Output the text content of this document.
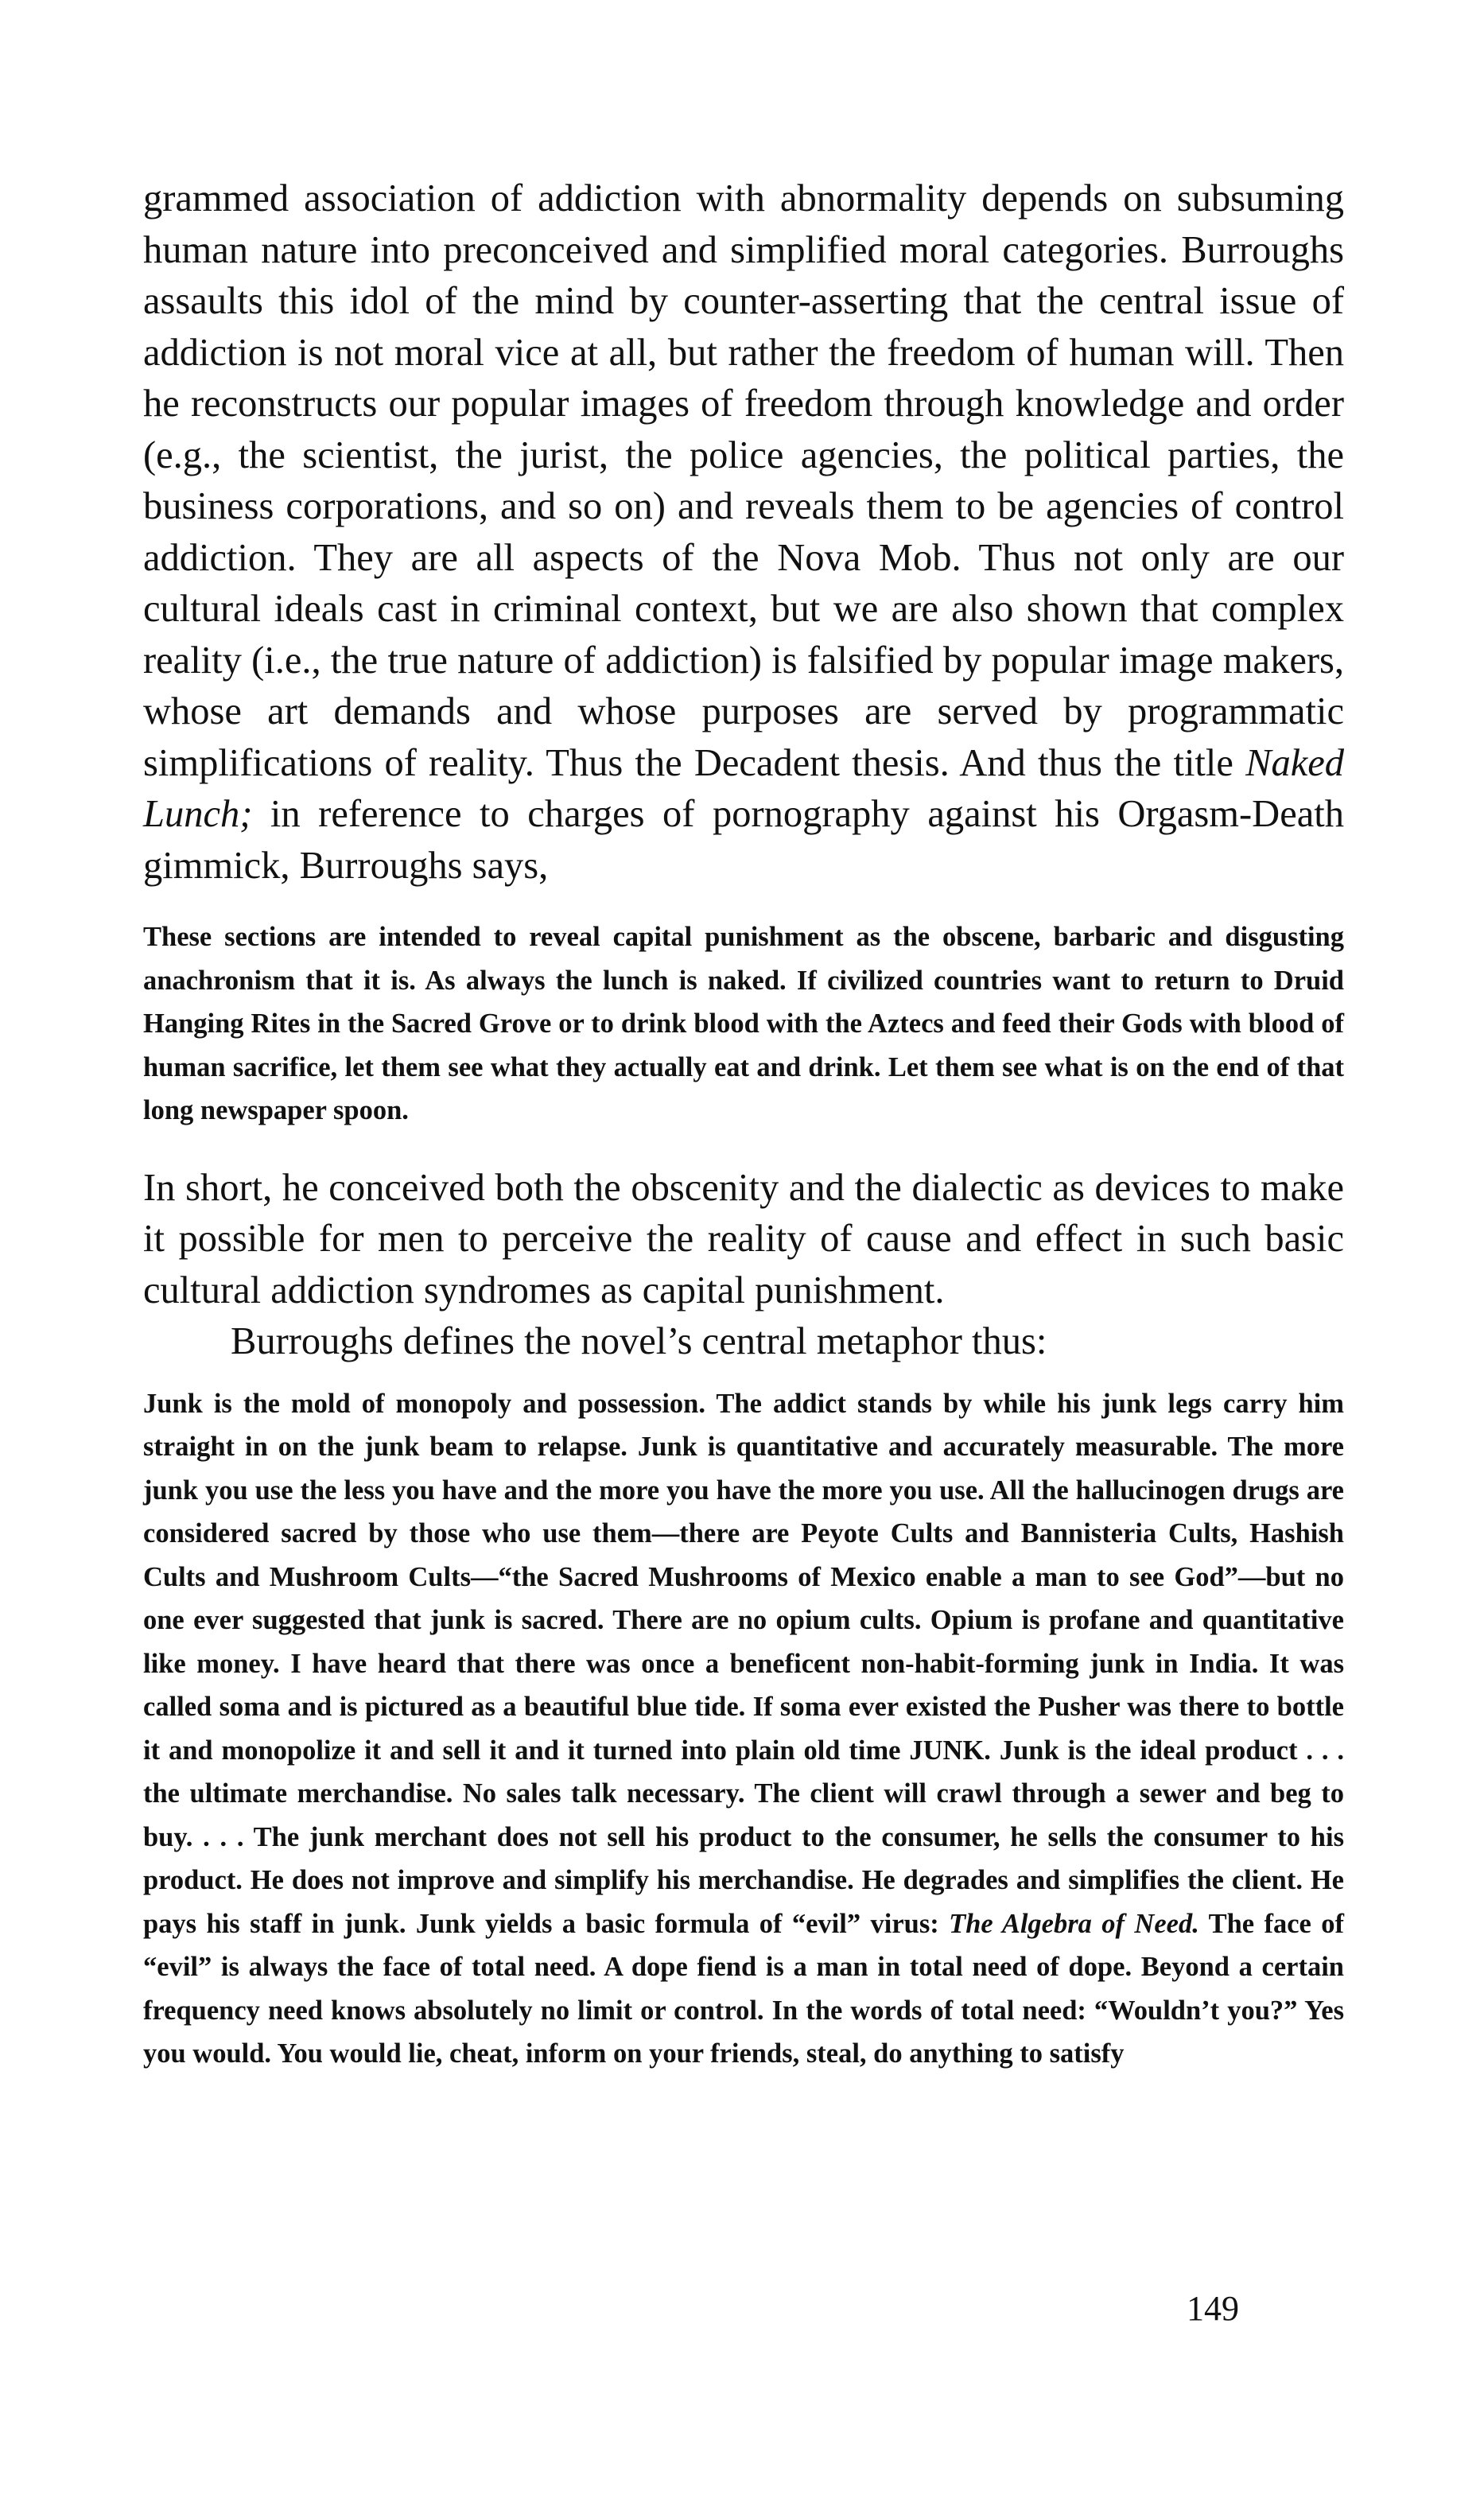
grammed association of addiction with abnormality depends on subsuming human nature into preconceived and simplified moral categories. Burroughs assaults this idol of the mind by counter-asserting that the central issue of addiction is not moral vice at all, but rather the freedom of human will. Then he reconstructs our popular images of freedom through knowledge and order (e.g., the scientist, the jurist, the police agencies, the political parties, the business corporations, and so on) and reveals them to be agencies of control addiction. They are all aspects of the Nova Mob. Thus not only are our cultural ideals cast in criminal context, but we are also shown that complex reality (i.e., the true nature of addiction) is falsified by popular image makers, whose art demands and whose purposes are served by programmatic simplifications of reality. Thus the Decadent thesis. And thus the title Naked Lunch; in reference to charges of pornography against his Orgasm-Death gimmick, Burroughs says,

These sections are intended to reveal capital punishment as the obscene, barbaric and disgusting anachronism that it is. As always the lunch is naked. If civilized countries want to return to Druid Hanging Rites in the Sacred Grove or to drink blood with the Aztecs and feed their Gods with blood of human sacrifice, let them see what they actually eat and drink. Let them see what is on the end of that long newspaper spoon.

In short, he conceived both the obscenity and the dialectic as devices to make it possible for men to perceive the reality of cause and effect in such basic cultural addiction syndromes as capital punishment.

Burroughs defines the novel’s central metaphor thus:

Junk is the mold of monopoly and possession. The addict stands by while his junk legs carry him straight in on the junk beam to relapse. Junk is quantitative and accurately measurable. The more junk you use the less you have and the more you have the more you use. All the hallucinogen drugs are considered sacred by those who use them—there are Peyote Cults and Bannisteria Cults, Hashish Cults and Mushroom Cults—“the Sacred Mushrooms of Mexico enable a man to see God”—but no one ever suggested that junk is sacred. There are no opium cults. Opium is profane and quantitative like money. I have heard that there was once a beneficent non-habit-forming junk in India. It was called soma and is pictured as a beautiful blue tide. If soma ever existed the Pusher was there to bottle it and monopolize it and sell it and it turned into plain old time JUNK. Junk is the ideal product . . . the ultimate merchandise. No sales talk necessary. The client will crawl through a sewer and beg to buy. . . . The junk merchant does not sell his product to the consumer, he sells the consumer to his product. He does not improve and simplify his merchandise. He degrades and simplifies the client. He pays his staff in junk. Junk yields a basic formula of “evil” virus: The Algebra of Need. The face of “evil” is always the face of total need. A dope fiend is a man in total need of dope. Beyond a certain frequency need knows absolutely no limit or control. In the words of total need: “Wouldn’t you?” Yes you would. You would lie, cheat, inform on your friends, steal, do anything to satisfy

149
